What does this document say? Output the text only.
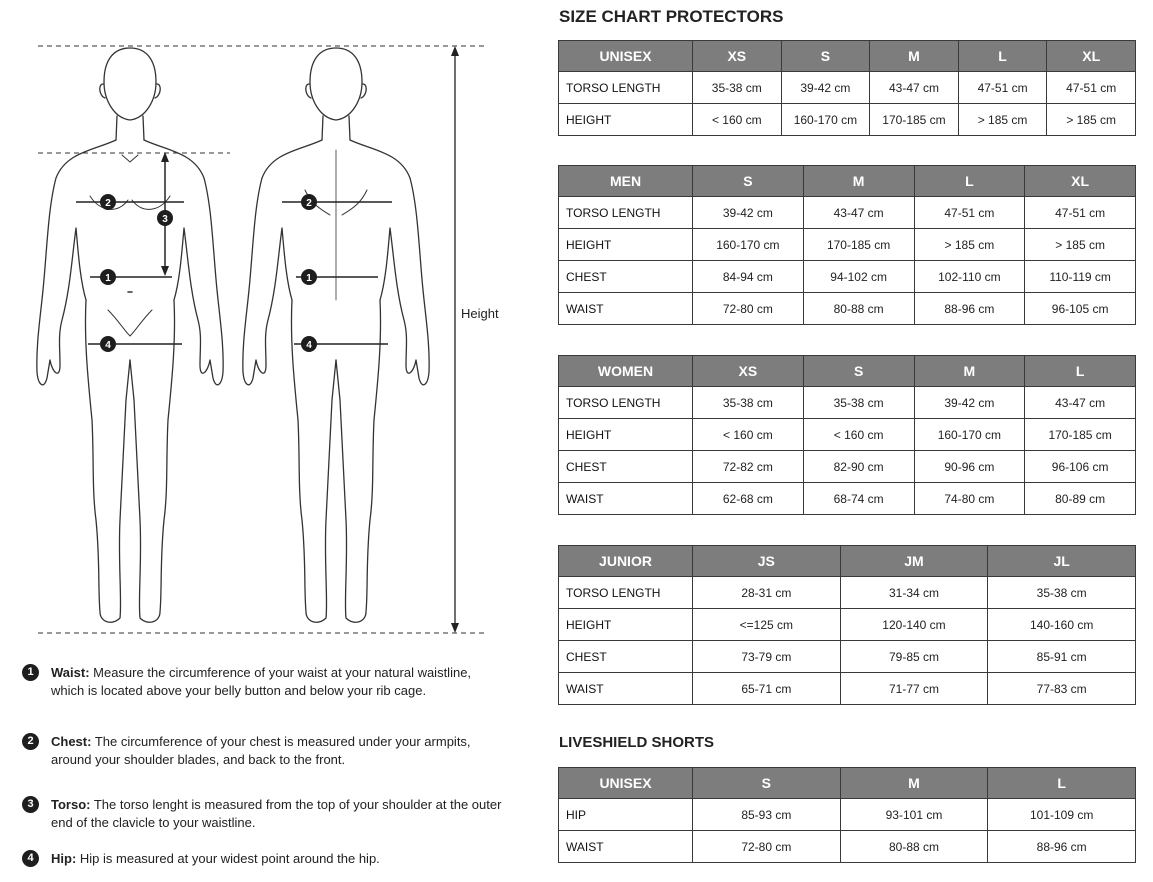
2
1
4
3
2
1
4
Height
1	Waist: Measure the circumference of your waist at your natural waistline, which is located above your belly button and below your rib cage.
2	Chest: The circumference of your chest is measured under your armpits, around your shoulder blades, and back to the front.
3	Torso: The torso lenght is measured from the top of your shoulder at the outer end of the clavicle to your waistline.
4	Hip: Hip is measured at your widest point around the hip.
SIZE CHART PROTECTORS
LIVESHIELD SHORTS
UNISEX	XS	S	M	L	XL
TORSO LENGTH	35-38 cm	39-42 cm	43-47 cm	47-51 cm	47-51 cm
HEIGHT	< 160 cm	160-170 cm	170-185 cm	> 185 cm	> 185 cm
MEN	S	M	L	XL
TORSO LENGTH	39-42 cm	43-47 cm	47-51 cm	47-51 cm
HEIGHT	160-170 cm	170-185 cm	> 185 cm	> 185 cm
CHEST	84-94 cm	94-102 cm	102-110 cm	110-119 cm
WAIST	72-80 cm	80-88 cm	88-96 cm	96-105 cm
WOMEN	XS	S	M	L
TORSO LENGTH	35-38 cm	35-38 cm	39-42 cm	43-47 cm
HEIGHT	< 160 cm	< 160 cm	160-170 cm	170-185 cm
CHEST	72-82 cm	82-90 cm	90-96 cm	96-106 cm
WAIST	62-68 cm	68-74 cm	74-80 cm	80-89 cm
JUNIOR	JS	JM	JL
TORSO LENGTH	28-31 cm	31-34 cm	35-38 cm
HEIGHT	<=125 cm	120-140 cm	140-160 cm
CHEST	73-79 cm	79-85 cm	85-91 cm
WAIST	65-71 cm	71-77 cm	77-83 cm
UNISEX	S	M	L
HIP	85-93 cm	93-101 cm	101-109 cm
WAIST	72-80 cm	80-88 cm	88-96 cm
